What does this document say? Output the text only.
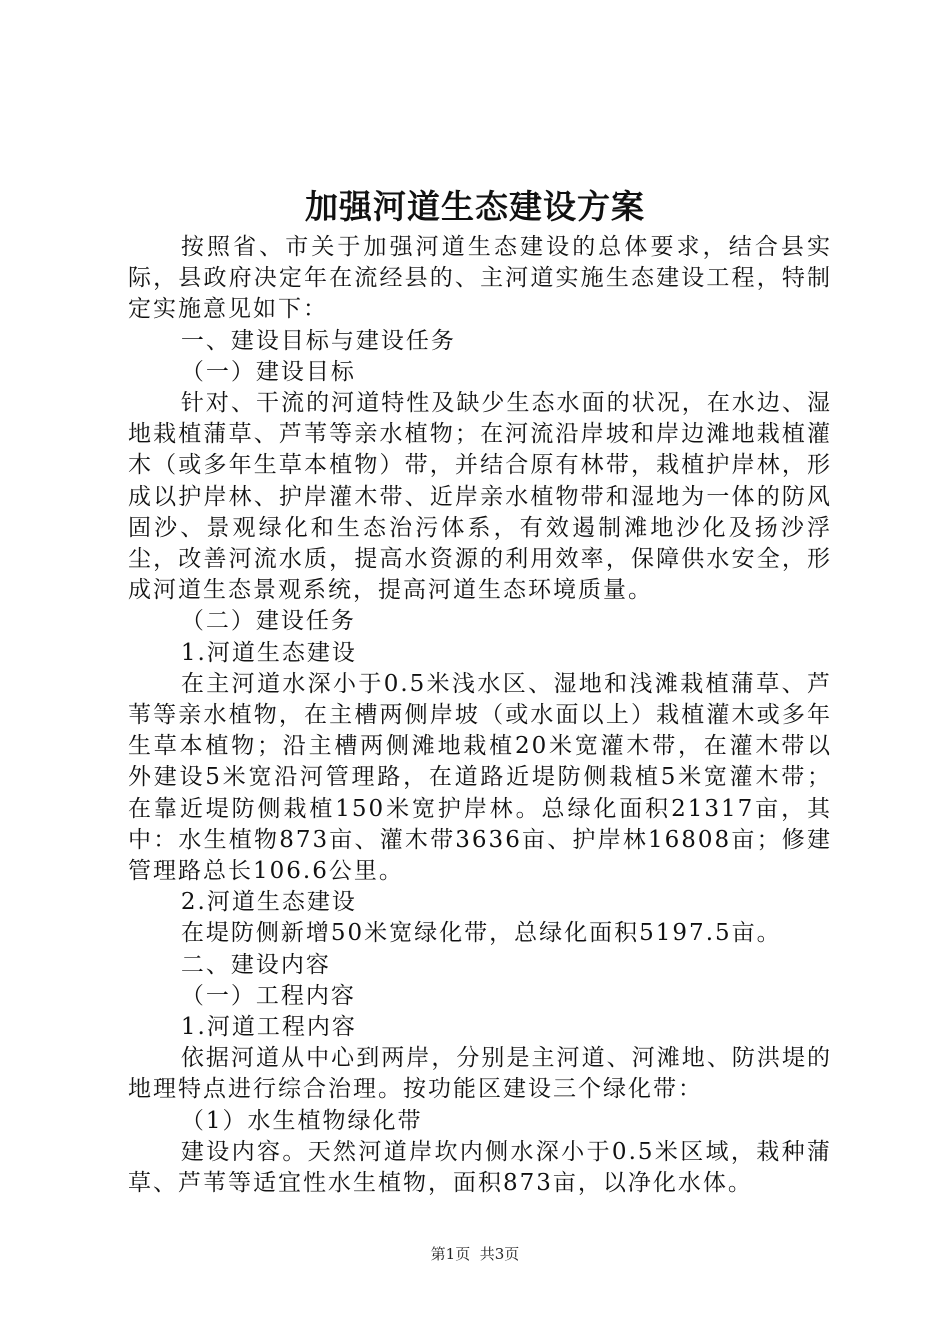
加强河道生态建设方案

按照省、市关于加强河道生态建设的总体要求，结合县实际，县政府决定年在流经县的、主河道实施生态建设工程，特制定实施意见如下：

一、建设目标与建设任务

（一）建设目标

针对、干流的河道特性及缺少生态水面的状况，在水边、湿地栽植蒲草、芦苇等亲水植物；在河流沿岸坡和岸边滩地栽植灌木（或多年生草本植物）带，并结合原有林带，栽植护岸林，形成以护岸林、护岸灌木带、近岸亲水植物带和湿地为一体的防风固沙、景观绿化和生态治污体系，有效遏制滩地沙化及扬沙浮尘，改善河流水质，提高水资源的利用效率，保障供水安全，形成河道生态景观系统，提高河道生态环境质量。

（二）建设任务

1.河道生态建设

在主河道水深小于0.5米浅水区、湿地和浅滩栽植蒲草、芦苇等亲水植物，在主槽两侧岸坡（或水面以上）栽植灌木或多年生草本植物；沿主槽两侧滩地栽植20米宽灌木带，在灌木带以外建设5米宽沿河管理路，在道路近堤防侧栽植5米宽灌木带；在靠近堤防侧栽植150米宽护岸林。总绿化面积21317亩，其中：水生植物873亩、灌木带3636亩、护岸林16808亩；修建管理路总长106.6公里。

2.河道生态建设

在堤防侧新增50米宽绿化带，总绿化面积5197.5亩。

二、建设内容

（一）工程内容

1.河道工程内容

依据河道从中心到两岸，分别是主河道、河滩地、防洪堤的地理特点进行综合治理。按功能区建设三个绿化带：

（1）水生植物绿化带

建设内容。天然河道岸坎内侧水深小于0.5米区域，栽种蒲草、芦苇等适宜性水生植物，面积873亩，以净化水体。

第1页 共3页
